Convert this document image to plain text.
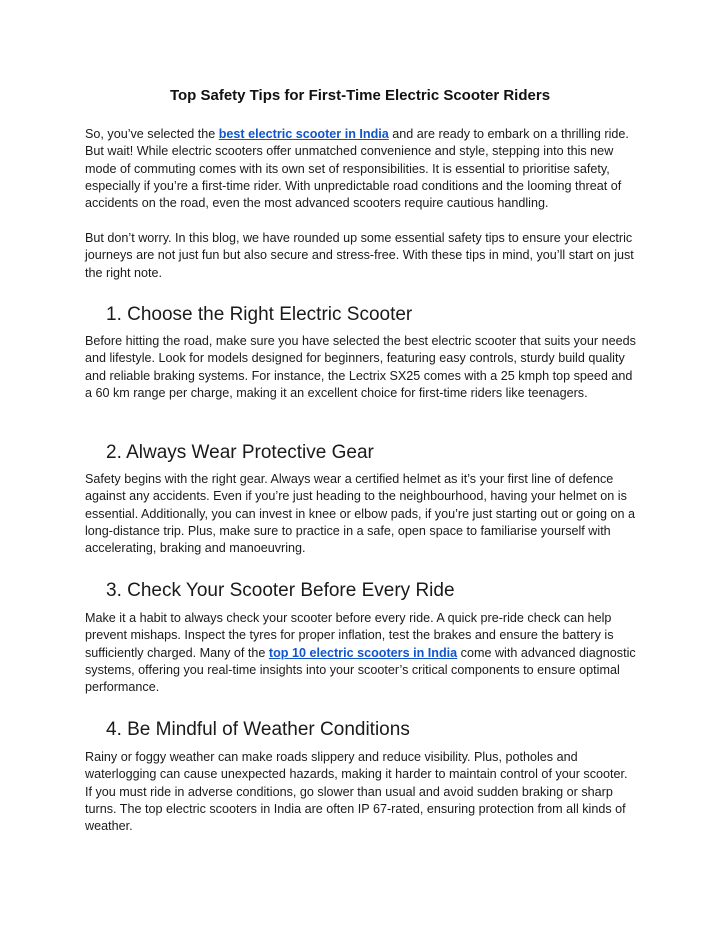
Top Safety Tips for First-Time Electric Scooter Riders

So, you’ve selected the best electric scooter in India and are ready to embark on a thrilling ride. But wait! While electric scooters offer unmatched convenience and style, stepping into this new mode of commuting comes with its own set of responsibilities. It is essential to prioritise safety, especially if you’re a first-time rider. With unpredictable road conditions and the looming threat of accidents on the road, even the most advanced scooters require cautious handling.

But don’t worry. In this blog, we have rounded up some essential safety tips to ensure your electric journeys are not just fun but also secure and stress-free. With these tips in mind, you’ll start on just the right note.

1. Choose the Right Electric Scooter

Before hitting the road, make sure you have selected the best electric scooter that suits your needs and lifestyle. Look for models designed for beginners, featuring easy controls, sturdy build quality and reliable braking systems. For instance, the Lectrix SX25 comes with a 25 kmph top speed and a 60 km range per charge, making it an excellent choice for first-time riders like teenagers.

2. Always Wear Protective Gear

Safety begins with the right gear. Always wear a certified helmet as it’s your first line of defence against any accidents. Even if you’re just heading to the neighbourhood, having your helmet on is essential. Additionally, you can invest in knee or elbow pads, if you’re just starting out or going on a long-distance trip. Plus, make sure to practice in a safe, open space to familiarise yourself with accelerating, braking and manoeuvring.

3. Check Your Scooter Before Every Ride

Make it a habit to always check your scooter before every ride. A quick pre-ride check can help prevent mishaps. Inspect the tyres for proper inflation, test the brakes and ensure the battery is sufficiently charged. Many of the top 10 electric scooters in India come with advanced diagnostic systems, offering you real-time insights into your scooter’s critical components to ensure optimal performance.

4. Be Mindful of Weather Conditions

Rainy or foggy weather can make roads slippery and reduce visibility. Plus, potholes and waterlogging can cause unexpected hazards, making it harder to maintain control of your scooter. If you must ride in adverse conditions, go slower than usual and avoid sudden braking or sharp turns. The top electric scooters in India are often IP 67-rated, ensuring protection from all kinds of weather.
